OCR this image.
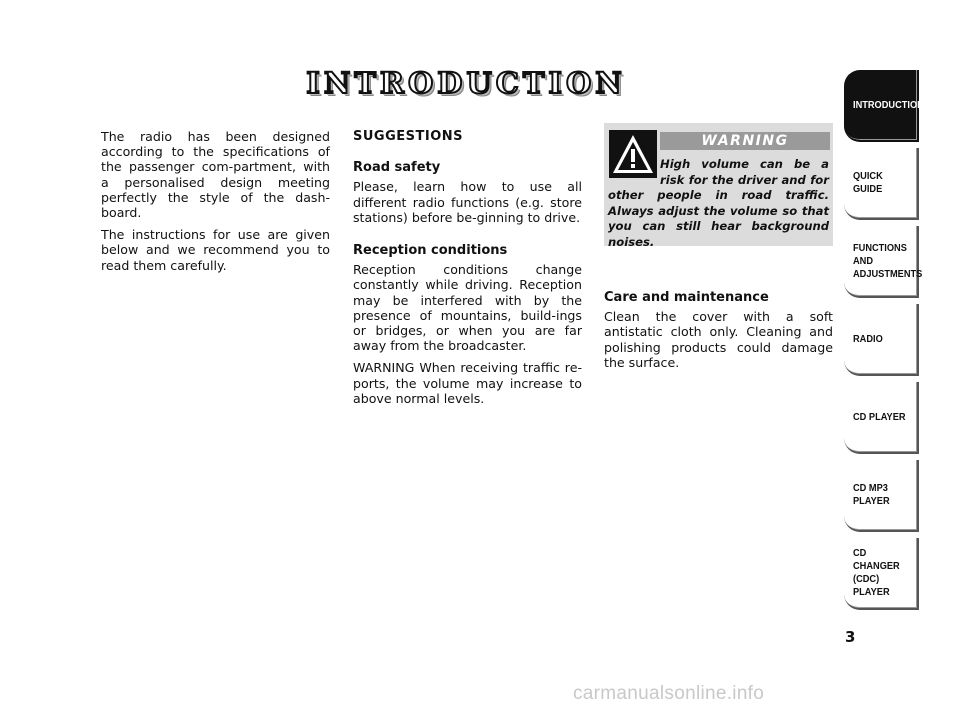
INTRODUCTION

The radio has been designed according to the specifications of the passenger com-partment, with a personalised design meeting perfectly the style of the dash-board.

The instructions for use are given below and we recommend you to read them carefully.

SUGGESTIONS
Road safety

Please, learn how to use all different radio functions (e.g. store stations) before be-ginning to drive.

Reception conditions

Reception conditions change constantly while driving. Reception may be interfered with by the presence of mountains, build-ings or bridges, or when you are far away from the broadcaster.

WARNING When receiving traffic re-ports, the volume may increase to above normal levels.

WARNING
High volume can be a risk for the driver and for other people in road traffic. Always adjust the volume so that you can still hear background noises.
Care and maintenance

Clean the cover with a soft antistatic cloth only. Cleaning and polishing products could damage the surface.

INTRODUCTION
QUICK
GUIDE
FUNCTIONS
AND
ADJUSTMENTS
RADIO
CD PLAYER
CD MP3
PLAYER
CD CHANGER
(CDC) PLAYER
3
carmanualsonline.info
